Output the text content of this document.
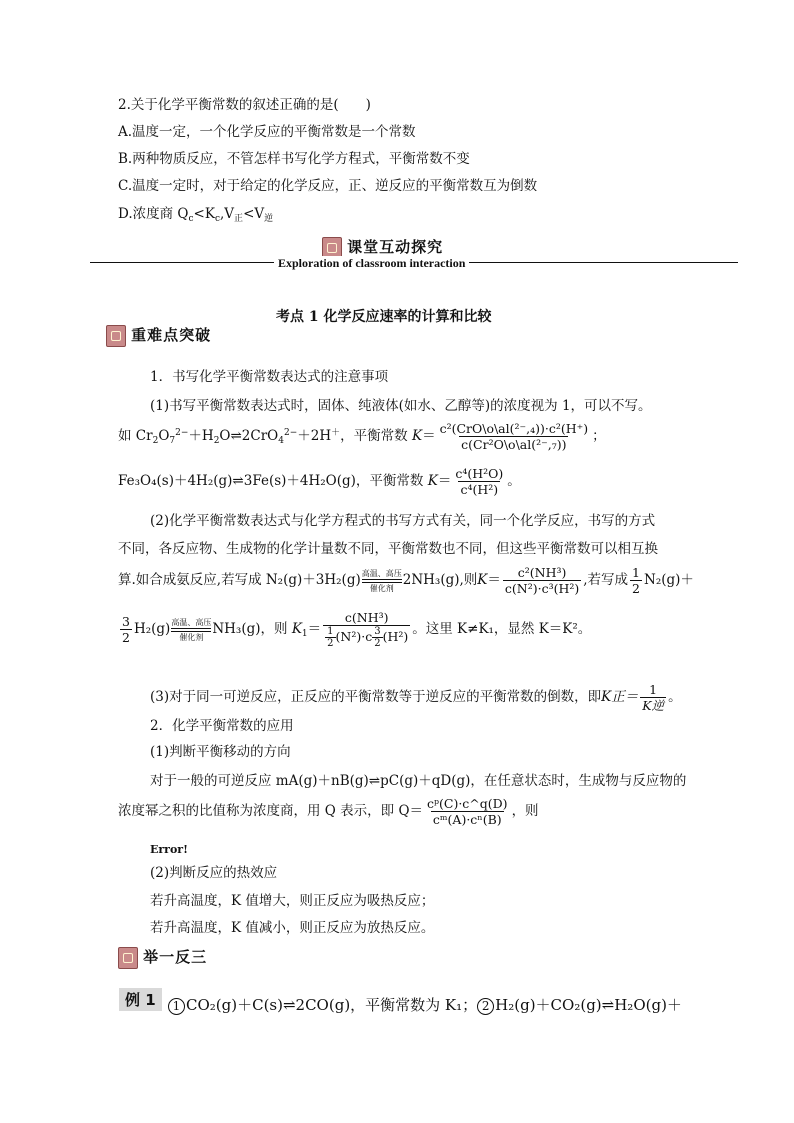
2.关于化学平衡常数的叙述正确的是(　　)
A.温度一定，一个化学反应的平衡常数是一个常数
B.两种物质反应，不管怎样书写化学方程式，平衡常数不变
C.温度一定时，对于给定的化学反应，正、逆反应的平衡常数互为倒数
D.浓度商 $Q_c<K_c,V_正<V_逆$
课堂互动探究
Exploration of classroom interaction
考点 1 化学反应速率的计算和比较
重难点突破
1．书写化学平衡常数表达式的注意事项
(1)书写平衡常数表达式时，固体、纯液体(如水、乙醇等)的浓度视为 1，可以不写。
如 $Cr_2O_7^{2-}+H_2O\rightleftharpoons 2CrO_4^{2-}+2H^+$，平衡常数 $K= \frac{\text{c²(CrO\textbackslash{}o\textbackslash{}al(²⁻,₄))·c²(H⁺)}}{\text{c(Cr²O\textbackslash{}o\textbackslash{}al(²⁻,₇))}}$ ；
Fe₃O₄(s)＋4H₂(g)⇌3Fe(s)＋4H₂O(g)，平衡常数 $K= \frac{\text{c⁴(H²O)}}{\text{c⁴(H²)}}$ 。
(2)化学平衡常数表达式与化学方程式的书写方式有关，同一个化学反应，书写的方式
不同，各反应物、生成物的化学计量数不同，平衡常数也不同，但这些平衡常数可以相互换
算.如合成氨反应,若写成 N₂(g)＋3H₂(g) 高温、高压
催化剂 2NH₃(g),则$K= \frac{\text{c²(NH³)}}{\text{c(N²)·c³(H²)}}$ ,若写成 $\frac{1}{2} N_2(g)+$
$\frac{3}{2} H_2(g)$ 高温、高压
催化剂 NH₃(g)，则 $K_1= \frac{\text{c(NH³)}}{\frac{1}{2} (N^2)\cdot c \frac{3}{2} (H^2)}$ 。这里 K≠K₁，显然 K＝K²。
(3)对于同一可逆反应，正反应的平衡常数等于逆反应的平衡常数的倒数，即K正＝ $\frac{1}{\text{K逆}}$ 。
2．化学平衡常数的应用
(1)判断平衡移动的方向
对于一般的可逆反应 mA(g)＋nB(g)⇌pC(g)＋qD(g)，在任意状态时，生成物与反应物的
浓度幂之积的比值称为浓度商，用 Q 表示，即 $Q= \frac{\text{cᵖ(C)·c\textasciicircum{}q(D)}}{\text{cᵐ(A)·cⁿ(B)}}$ ，则
Error!
(2)判断反应的热效应
若升高温度，K 值增大，则正反应为吸热反应；
若升高温度，K 值减小，则正反应为放热反应。
举一反三
例 1	1 CO₂(g)＋C(s)⇌2CO(g)，平衡常数为 K₁； 2 H₂(g)＋CO₂(g)⇌H₂O(g)＋
